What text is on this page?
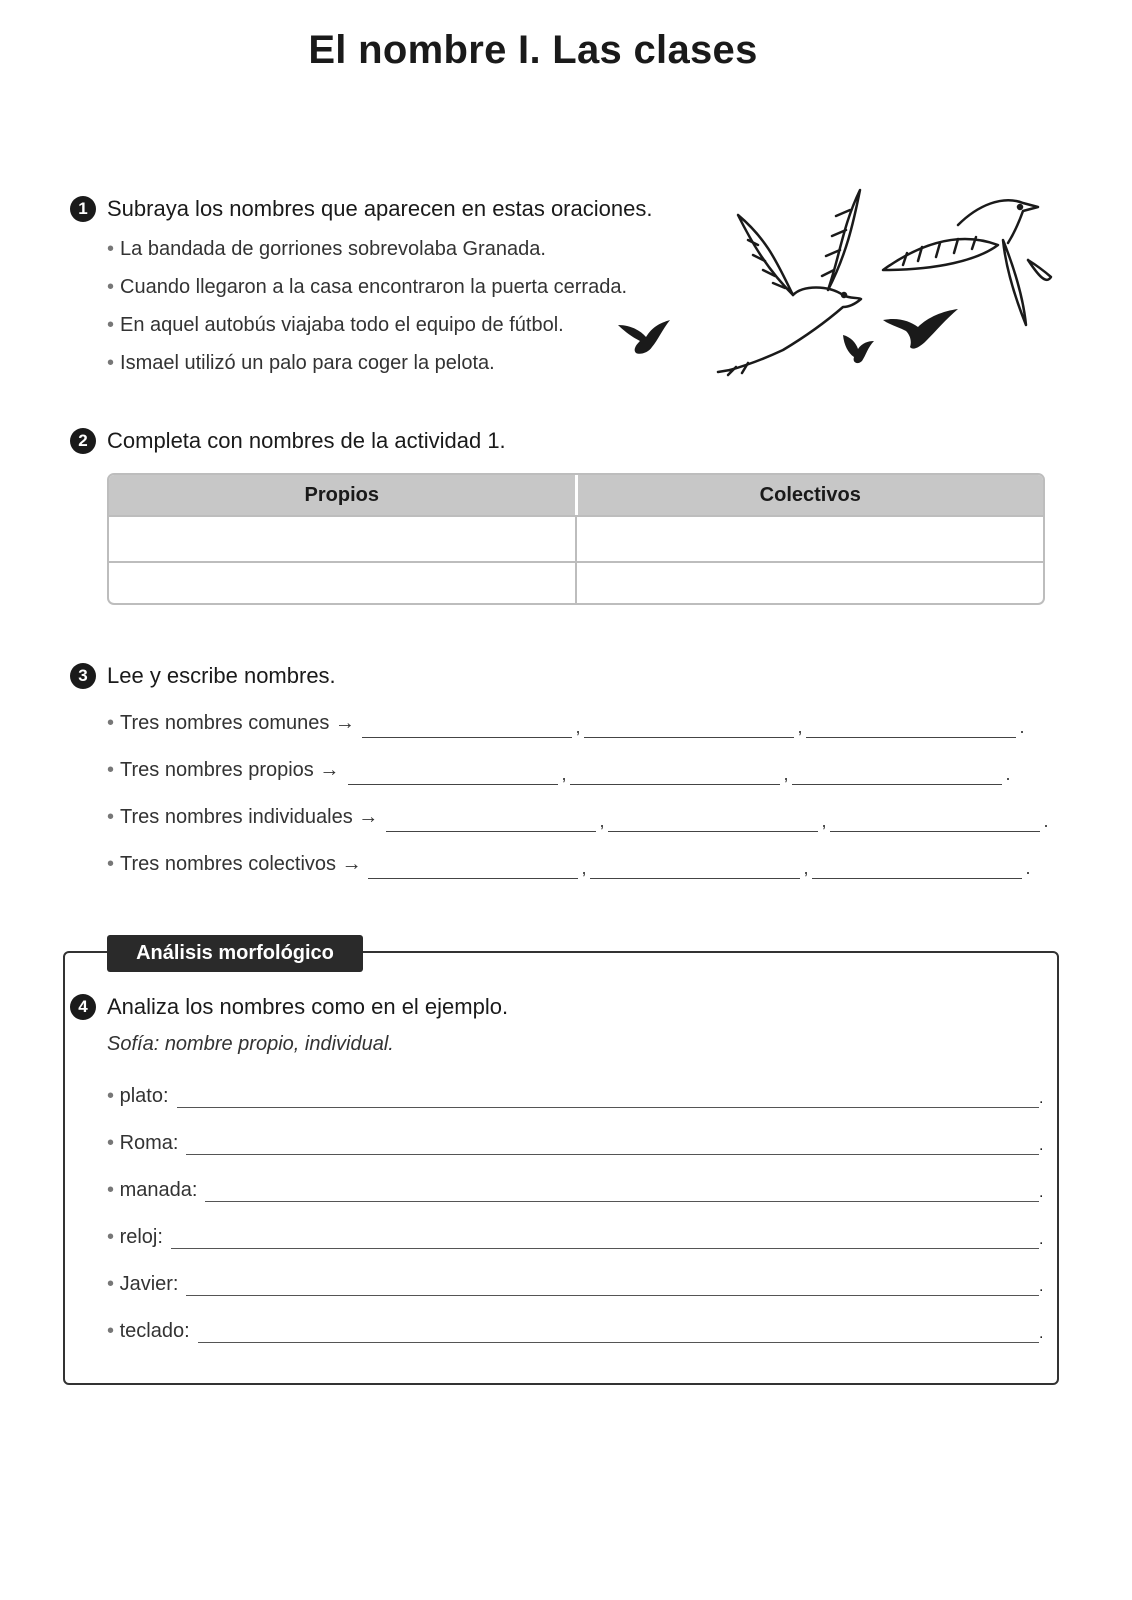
El nombre I. Las clases
1 Subraya los nombres que aparecen en estas oraciones.
• La bandada de gorriones sobrevolaba Granada.
• Cuando llegaron a la casa encontraron la puerta cerrada.
• En aquel autobús viajaba todo el equipo de fútbol.
• Ismael utilizó un palo para coger la pelota.
2 Completa con nombres de la actividad 1.
Propios	Colectivos
3 Lee y escribe nombres.
• Tres nombres comunes →	,	,	.
• Tres nombres propios →	,	,	.
• Tres nombres individuales →	,	,	.
• Tres nombres colectivos →	,	,	.
Análisis morfológico
4 Analiza los nombres como en el ejemplo.
Sofía: nombre propio, individual.
• plato:	.
• Roma:	.
• manada:	.
• reloj:	.
• Javier:	.
• teclado:	.
